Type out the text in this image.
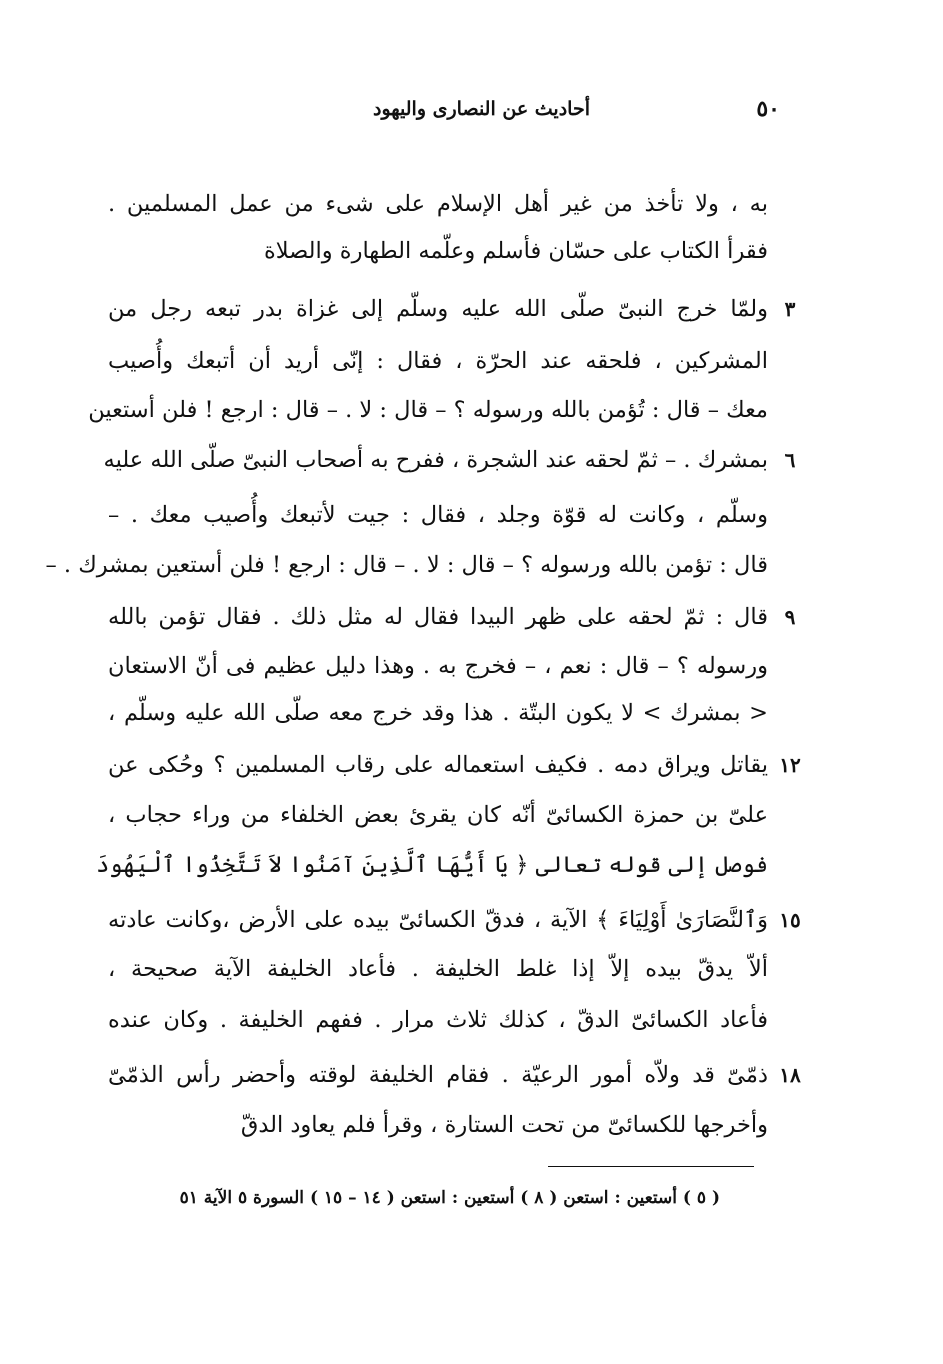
٥٠
أحاديث عن النصارى واليهود
به ، ولا تأخذ من غير أهل الإسلام على شىء من عمل المسلمين .
فقرأ الكتاب على حسّان فأسلم وعلّمه الطهارة والصلاة
٣
ولمّا خرج النبىّ صلّى الله عليه وسلّم إلى غزاة بدر تبعه رجل من
المشركين ، فلحقه عند الحرّة ، فقال : إنّى أريد أن أتبعك وأُصيب
معك – قال : تُؤمن بالله ورسوله ؟ – قال : لا . – قال : ارجع ! فلن أستعين
٦
بمشرك . – ثمّ لحقه عند الشجرة ، ففرح به أصحاب النبىّ صلّى الله عليه
وسلّم ، وكانت له قوّة وجلد ، فقال : جيت لأتبعك وأُصيب معك . –
قال : تؤمن بالله ورسوله ؟ – قال : لا . – قال : ارجع ! فلن أستعين بمشرك . –
٩
قال : ثمّ لحقه على ظهر البيدا فقال له مثل ذلك . فقال تؤمن بالله
ورسوله ؟ – قال : نعم ، – فخرج به . وهذا دليل عظيم فى أنّ الاستعان
< بمشرك > لا يكون البتّة . هذا وقد خرج معه صلّى الله عليه وسلّم ،
١٢
يقاتل ويراق دمه . فكيف استعماله على رقاب المسلمين ؟ وحُكى عن
علىّ بن حمزة الكسائىّ أنّه كان يقرئ بعض الخلفاء من وراء حجاب ،
فوصل إلى قوله تعالى ﴿ يَا أَيُّهَا ٱلَّذِينَ آمَنُوا لاَ تَتَّخِذُوا ٱلْيَهُودَ
١٥
وَٱلنَّصَارَىٰ أَوْلِيَاءَ ﴾ الآية ، فدقّ الكسائىّ بيده على الأرض ،وكانت عادته
ألاّ يدقّ بيده إلاّ إذا غلط الخليفة . فأعاد الخليفة الآية صحيحة ،
فأعاد الكسائىّ الدقّ ، كذلك ثلاث مرار . ففهم الخليفة . وكان عنده
١٨
ذمّىّ قد ولاّه أمور الرعيّة . فقام الخليفة لوقته وأحضر رأس الذمّىّ
وأخرجها للكسائىّ من تحت الستارة ، وقرأ فلم يعاود الدقّ
( ٥ ) أستعين : استعن ( ٨ ) أستعين : استعن ( ١٤ – ١٥ ) السورة ٥ الآية ٥١
